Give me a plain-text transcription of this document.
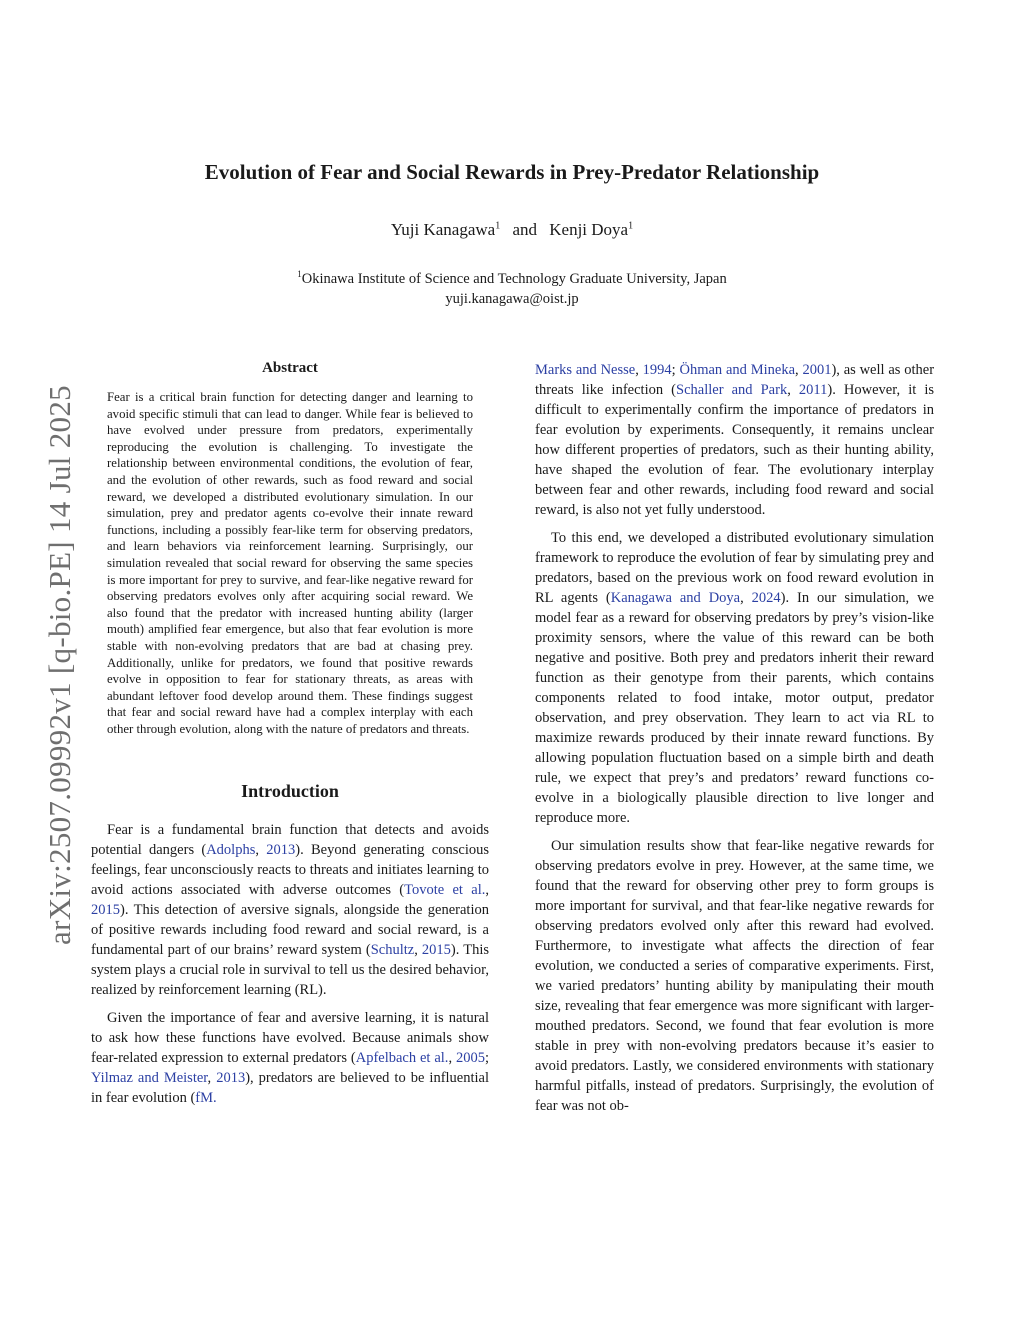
arXiv:2507.09992v1 [q-bio.PE] 14 Jul 2025
Evolution of Fear and Social Rewards in Prey-Predator Relationship
Yuji Kanagawa$^1$ and Kenji Doya$^1$
$^1$Okinawa Institute of Science and Technology Graduate University, Japan
yuji.kanagawa@oist.jp
Abstract

Fear is a critical brain function for detecting danger and learning to avoid specific stimuli that can lead to danger. While fear is believed to have evolved under pressure from predators, experimentally reproducing the evolution is challenging. To investigate the relationship between environmental conditions, the evolution of fear, and the evolution of other rewards, such as food reward and social reward, we developed a distributed evolutionary simulation. In our simulation, prey and predator agents co-evolve their innate reward functions, including a possibly fear-like term for observing predators, and learn behaviors via reinforcement learning. Surprisingly, our simulation revealed that social reward for observing the same species is more important for prey to survive, and fear-like negative reward for observing predators evolves only after acquiring social reward. We also found that the predator with increased hunting ability (larger mouth) amplified fear emergence, but also that fear evolution is more stable with non-evolving predators that are bad at chasing prey. Additionally, unlike for predators, we found that positive rewards evolve in opposition to fear for stationary threats, as areas with abundant leftover food develop around them. These findings suggest that fear and social reward have had a complex interplay with each other through evolution, along with the nature of predators and threats.

Introduction

Fear is a fundamental brain function that detects and avoids potential dangers (Adolphs, 2013). Beyond generating conscious feelings, fear unconsciously reacts to threats and initiates learning to avoid actions associated with adverse outcomes (Tovote et al., 2015). This detection of aversive signals, alongside the generation of positive rewards including food reward and social reward, is a fundamental part of our brains’ reward system (Schultz, 2015). This system plays a crucial role in survival to tell us the desired behavior, realized by reinforcement learning (RL).

Given the importance of fear and aversive learning, it is natural to ask how these functions have evolved. Because animals show fear-related expression to external predators (Apfelbach et al., 2005; Yilmaz and Meister, 2013), predators are believed to be influential in fear evolution (fM.

Marks and Nesse, 1994; Öhman and Mineka, 2001), as well as other threats like infection (Schaller and Park, 2011). However, it is difficult to experimentally confirm the importance of predators in fear evolution by experiments. Consequently, it remains unclear how different properties of predators, such as their hunting ability, have shaped the evolution of fear. The evolutionary interplay between fear and other rewards, including food reward and social reward, is also not yet fully understood.

To this end, we developed a distributed evolutionary simulation framework to reproduce the evolution of fear by simulating prey and predators, based on the previous work on food reward evolution in RL agents (Kanagawa and Doya, 2024). In our simulation, we model fear as a reward for observing predators by prey’s vision-like proximity sensors, where the value of this reward can be both negative and positive. Both prey and predators inherit their reward function as their genotype from their parents, which contains components related to food intake, motor output, predator observation, and prey observation. They learn to act via RL to maximize rewards produced by their innate reward functions. By allowing population fluctuation based on a simple birth and death rule, we expect that prey’s and predators’ reward functions co-evolve in a biologically plausible direction to live longer and reproduce more.

Our simulation results show that fear-like negative rewards for observing predators evolve in prey. However, at the same time, we found that the reward for observing other prey to form groups is more important for survival, and that fear-like negative rewards for observing predators evolved only after this reward had evolved. Furthermore, to investigate what affects the direction of fear evolution, we conducted a series of comparative experiments. First, we varied predators’ hunting ability by manipulating their mouth size, revealing that fear emergence was more significant with larger-mouthed predators. Second, we found that fear evolution is more stable in prey with non-evolving predators because it’s easier to avoid predators. Lastly, we considered environments with stationary harmful pitfalls, instead of predators. Surprisingly, the evolution of fear was not ob-
